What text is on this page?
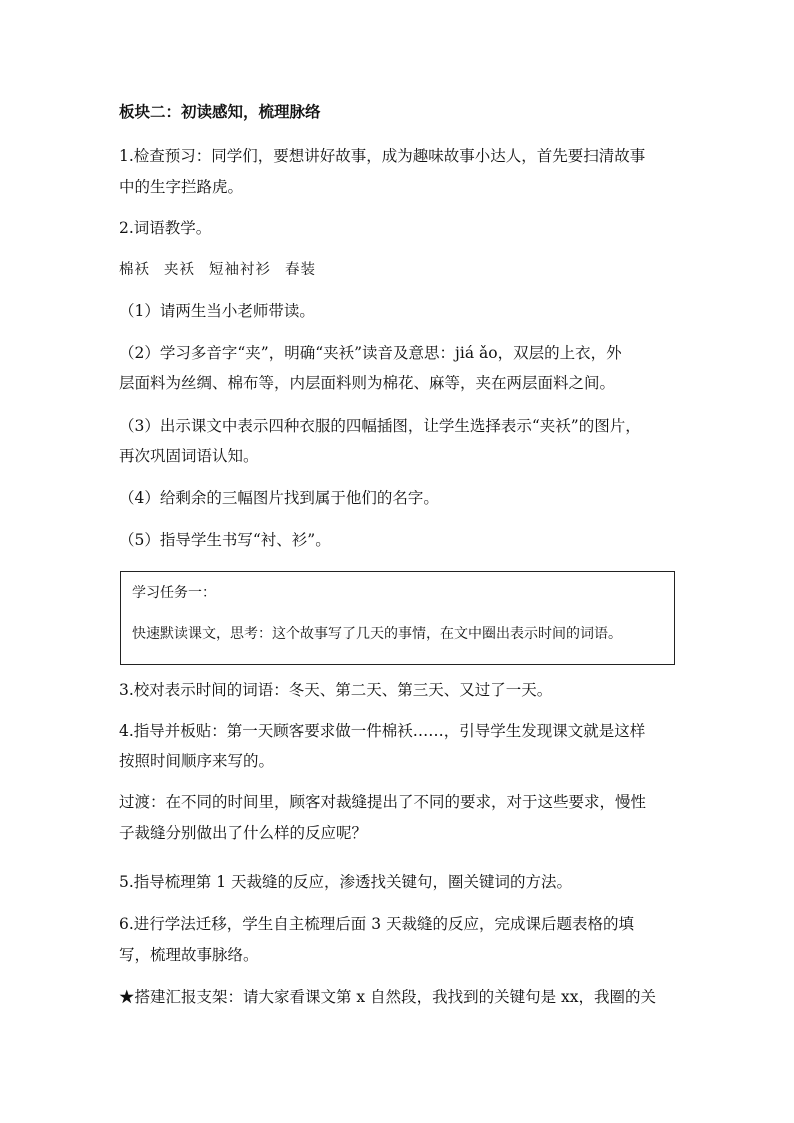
板块二：初读感知，梳理脉络
1.检查预习：同学们，要想讲好故事，成为趣味故事小达人，首先要扫清故事
中的生字拦路虎。
2.词语教学。
棉袄 夹袄 短袖衬衫 春装
（1）请两生当小老师带读。
（2）学习多音字“夹”，明确“夹袄”读音及意思：jiá ǎo，双层的上衣，外
层面料为丝绸、棉布等，内层面料则为棉花、麻等，夹在两层面料之间。
（3）出示课文中表示四种衣服的四幅插图，让学生选择表示“夹袄”的图片，
再次巩固词语认知。
（4）给剩余的三幅图片找到属于他们的名字。
（5）指导学生书写“衬、衫”。
学习任务一：
快速默读课文，思考：这个故事写了几天的事情，在文中圈出表示时间的词语。
3.校对表示时间的词语：冬天、第二天、第三天、又过了一天。
4.指导并板贴：第一天顾客要求做一件棉袄……，引导学生发现课文就是这样
按照时间顺序来写的。
过渡：在不同的时间里，顾客对裁缝提出了不同的要求，对于这些要求，慢性
子裁缝分别做出了什么样的反应呢？
5.指导梳理第 1 天裁缝的反应，渗透找关键句，圈关键词的方法。
6.进行学法迁移，学生自主梳理后面 3 天裁缝的反应，完成课后题表格的填
写，梳理故事脉络。
★搭建汇报支架：请大家看课文第 x 自然段，我找到的关键句是 xx，我圈的关
